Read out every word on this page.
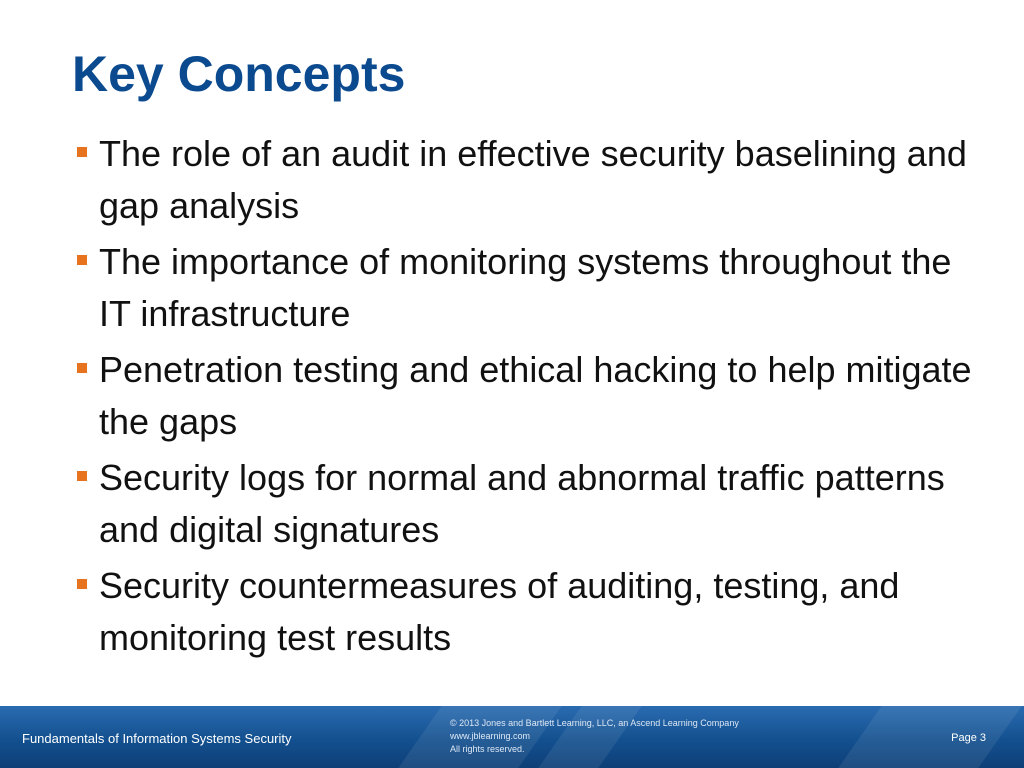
Key Concepts
The role of an audit in effective security baselining and gap analysis
The importance of monitoring systems throughout the IT infrastructure
Penetration testing and ethical hacking to help mitigate the gaps
Security logs for normal and abnormal traffic patterns and digital signatures
Security countermeasures of auditing, testing, and monitoring test results
Fundamentals of Information Systems Security
© 2013 Jones and Bartlett Learning, LLC, an Ascend Learning Company
www.jblearning.com
All rights reserved.
Page 3
